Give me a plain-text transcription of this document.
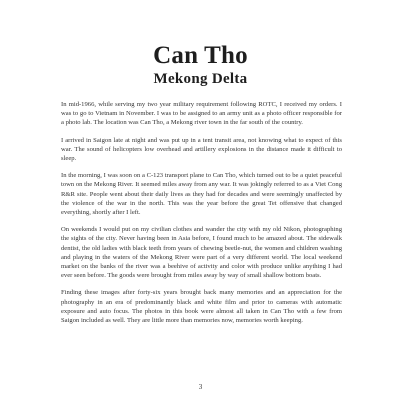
Can Tho
Mekong Delta

In mid-1966, while serving my two year military requirement following ROTC, I received my orders. I was to go to Vietnam in November. I was to be assigned to an army unit as a photo officer responsible for a photo lab. The location was Can Tho, a Mekong river town in the far south of the country.

I arrived in Saigon late at night and was put up in a tent transit area, not knowing what to expect of this war. The sound of helicopters low overhead and artillery explosions in the distance made it difficult to sleep.

In the morning, I was soon on a C-123 transport plane to Can Tho, which turned out to be a quiet peaceful town on the Mekong River. It seemed miles away from any war. It was jokingly referred to as a Viet Cong R&R site. People went about their daily lives as they had for decades and were seemingly unaffected by the violence of the war in the north. This was the year before the great Tet offensive that changed everything, shortly after I left.

On weekends I would put on my civilian clothes and wander the city with my old Nikon, photographing the sights of the city. Never having been in Asia before, I found much to be amazed about. The sidewalk dentist, the old ladies with black teeth from years of chewing beetle-nut, the women and children washing and playing in the waters of the Mekong River were part of a very different world. The local weekend market on the banks of the river was a beehive of activity and color with produce unlike anything I had ever seen before. The goods were brought from miles away by way of small shallow bottom boats.

Finding these images after forty-six years brought back many memories and an appreciation for the photography in an era of predominantly black and white film and prior to cameras with automatic exposure and auto focus. The photos in this book were almost all taken in Can Tho with a few from Saigon included as well. They are little more than memories now, memories worth keeping.

3
